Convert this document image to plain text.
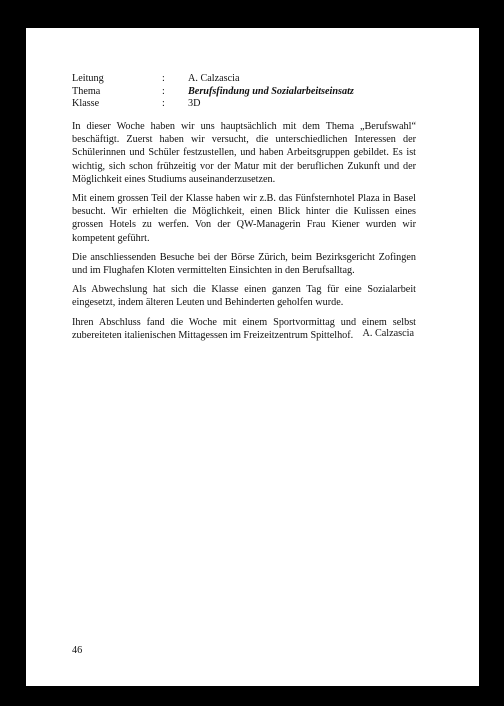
Leitung	:	A. Calzascia
Thema	:	Berufsfindung und Sozialarbeitseinsatz
Klasse	:	3D

In dieser Woche haben wir uns hauptsächlich mit dem Thema „Berufswahl“ beschäftigt. Zuerst haben wir versucht, die unterschiedlichen Interessen der Schülerinnen und Schüler festzustellen, und haben Arbeitsgruppen gebildet. Es ist wichtig, sich schon frühzeitig vor der Matur mit der beruflichen Zukunft und der Möglichkeit eines Studiums auseinanderzusetzen.

Mit einem grossen Teil der Klasse haben wir z.B. das Fünfsternhotel Plaza in Basel besucht. Wir erhielten die Möglichkeit, einen Blick hinter die Kulissen eines grossen Hotels zu werfen. Von der QW-Managerin Frau Kiener wurden wir kompetent geführt.

Die anschliessenden Besuche bei der Börse Zürich, beim Bezirksgericht Zofingen und im Flughafen Kloten vermittelten Einsichten in den Berufsalltag.

Als Abwechslung hat sich die Klasse einen ganzen Tag für eine Sozialarbeit eingesetzt, indem älteren Leuten und Behinderten geholfen wurde.

Ihren Abschluss fand die Woche mit einem Sportvormittag und einem selbst zubereiteten italienischen Mittagessen im Freizeitzentrum Spittelhof. A. Calzascia
46
